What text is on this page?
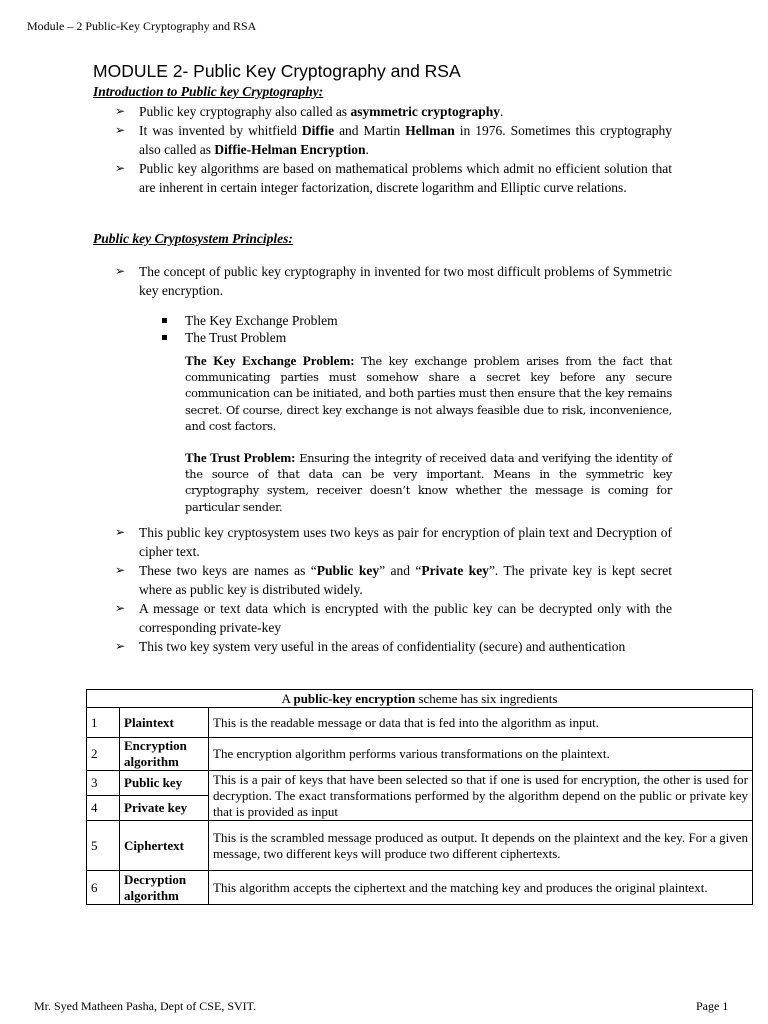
Module – 2 Public-Key Cryptography and RSA
MODULE 2- Public Key Cryptography and RSA
Introduction to Public key Cryptography:
➢ Public key cryptography also called as asymmetric cryptography.
➢ It was invented by whitfield Diffie and Martin Hellman in 1976. Sometimes this cryptography also called as Diffie-Helman Encryption.
➢ Public key algorithms are based on mathematical problems which admit no efficient solution that are inherent in certain integer factorization, discrete logarithm and Elliptic curve relations.
Public key Cryptosystem Principles:
➢ The concept of public key cryptography in invented for two most difficult problems of Symmetric key encryption.
The Key Exchange Problem
The Trust Problem
The Key Exchange Problem: The key exchange problem arises from the fact that communicating parties must somehow share a secret key before any secure communication can be initiated, and both parties must then ensure that the key remains secret. Of course, direct key exchange is not always feasible due to risk, inconvenience, and cost factors.
The Trust Problem: Ensuring the integrity of received data and verifying the identity of the source of that data can be very important. Means in the symmetric key cryptography system, receiver doesn’t know whether the message is coming for particular sender.
➢ This public key cryptosystem uses two keys as pair for encryption of plain text and Decryption of cipher text.
➢ These two keys are names as “Public key” and “Private key”. The private key is kept secret where as public key is distributed widely.
➢ A message or text data which is encrypted with the public key can be decrypted only with the corresponding private-key
➢ This two key system very useful in the areas of confidentiality (secure) and authentication
A public-key encryption scheme has six ingredients		
1	Plaintext	This is the readable message or data that is fed into the algorithm as input.
2	Encryption algorithm	The encryption algorithm performs various transformations on the plaintext.
3	Public key	This is a pair of keys that have been selected so that if one is used for encryption, the other is used for decryption. The exact transformations performed by the algorithm depend on the public or private key that is provided as input
4	Private key	
5	Ciphertext	This is the scrambled message produced as output. It depends on the plaintext and the key. For a given message, two different keys will produce two different ciphertexts.
6	Decryption algorithm	This algorithm accepts the ciphertext and the matching key and produces the original plaintext.
Mr. Syed Matheen Pasha, Dept of CSE, SVIT.	Page 1
